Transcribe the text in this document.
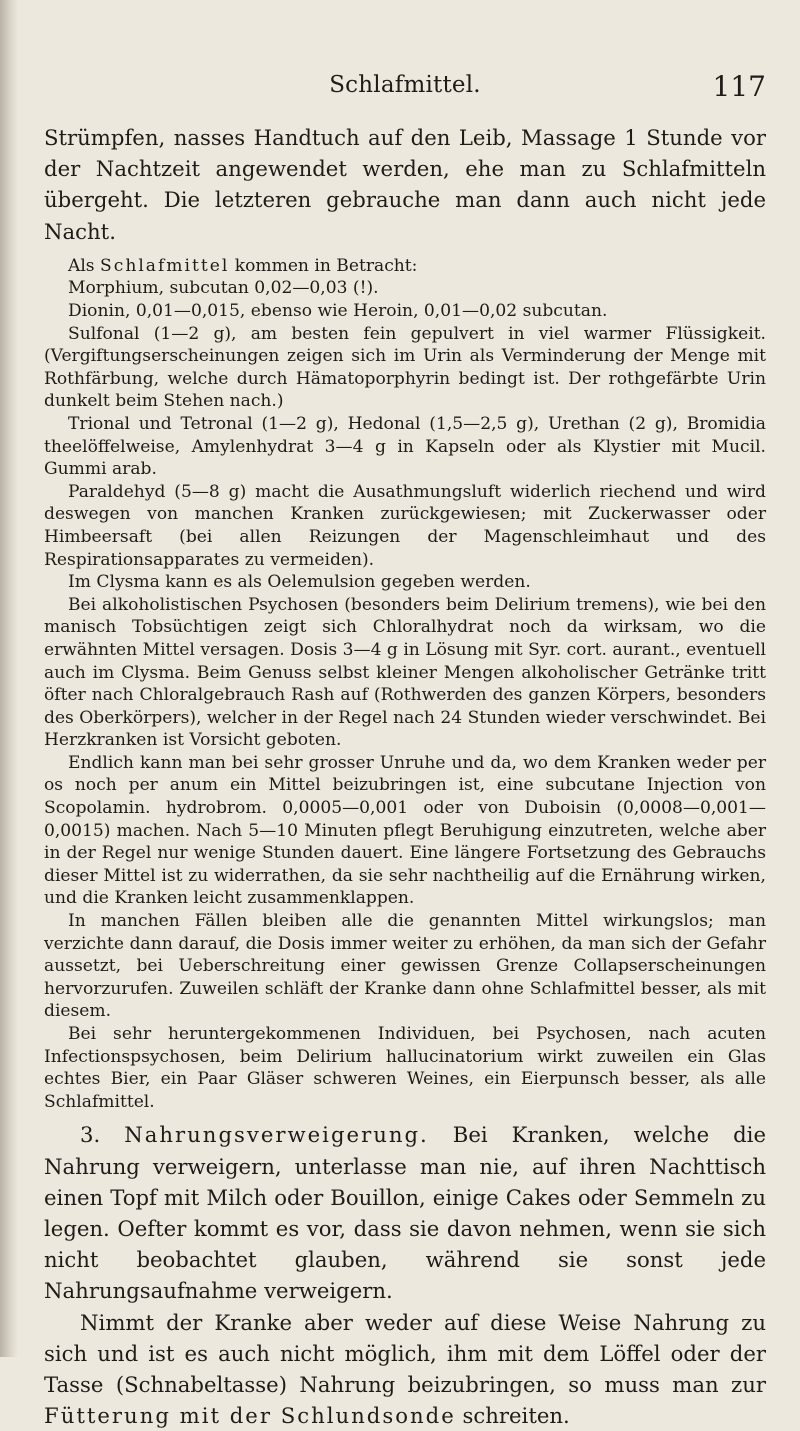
Schlafmittel.	117

Strümpfen, nasses Handtuch auf den Leib, Massage 1 Stunde vor der Nachtzeit angewendet werden, ehe man zu Schlafmitteln übergeht. Die letzteren gebrauche man dann auch nicht jede Nacht.

Als Schlafmittel kommen in Betracht:

Morphium, subcutan 0,02—0,03 (!).

Dionin, 0,01—0,015, ebenso wie Heroin, 0,01—0,02 subcutan.

Sulfonal (1—2 g), am besten fein gepulvert in viel warmer Flüssigkeit. (Vergiftungserscheinungen zeigen sich im Urin als Verminderung der Menge mit Rothfärbung, welche durch Hämatoporphyrin bedingt ist. Der rothgefärbte Urin dunkelt beim Stehen nach.)

Trional und Tetronal (1—2 g), Hedonal (1,5—2,5 g), Urethan (2 g), Bromidia theelöffelweise, Amylenhydrat 3—4 g in Kapseln oder als Klystier mit Mucil. Gummi arab.

Paraldehyd (5—8 g) macht die Ausathmungsluft widerlich riechend und wird deswegen von manchen Kranken zurückgewiesen; mit Zuckerwasser oder Himbeersaft (bei allen Reizungen der Magenschleimhaut und des Respirationsapparates zu vermeiden).

Im Clysma kann es als Oelemulsion gegeben werden.

Bei alkoholistischen Psychosen (besonders beim Delirium tremens), wie bei den manisch Tobsüchtigen zeigt sich Chloralhydrat noch da wirksam, wo die erwähnten Mittel versagen. Dosis 3—4 g in Lösung mit Syr. cort. aurant., eventuell auch im Clysma. Beim Genuss selbst kleiner Mengen alkoholischer Getränke tritt öfter nach Chloralgebrauch Rash auf (Rothwerden des ganzen Körpers, besonders des Oberkörpers), welcher in der Regel nach 24 Stunden wieder verschwindet. Bei Herzkranken ist Vorsicht geboten.

Endlich kann man bei sehr grosser Unruhe und da, wo dem Kranken weder per os noch per anum ein Mittel beizubringen ist, eine subcutane Injection von Scopolamin. hydrobrom. 0,0005—0,001 oder von Duboisin (0,0008—0,001—0,0015) machen. Nach 5—10 Minuten pflegt Beruhigung einzutreten, welche aber in der Regel nur wenige Stunden dauert. Eine längere Fortsetzung des Gebrauchs dieser Mittel ist zu widerrathen, da sie sehr nachtheilig auf die Ernährung wirken, und die Kranken leicht zusammenklappen.

In manchen Fällen bleiben alle die genannten Mittel wirkungslos; man verzichte dann darauf, die Dosis immer weiter zu erhöhen, da man sich der Gefahr aussetzt, bei Ueberschreitung einer gewissen Grenze Collapserscheinungen hervorzurufen. Zuweilen schläft der Kranke dann ohne Schlafmittel besser, als mit diesem.

Bei sehr heruntergekommenen Individuen, bei Psychosen, nach acuten Infectionspsychosen, beim Delirium hallucinatorium wirkt zuweilen ein Glas echtes Bier, ein Paar Gläser schweren Weines, ein Eierpunsch besser, als alle Schlafmittel.

3. Nahrungsverweigerung. Bei Kranken, welche die Nahrung verweigern, unterlasse man nie, auf ihren Nachttisch einen Topf mit Milch oder Bouillon, einige Cakes oder Semmeln zu legen. Oefter kommt es vor, dass sie davon nehmen, wenn sie sich nicht beobachtet glauben, während sie sonst jede Nahrungsaufnahme verweigern.

Nimmt der Kranke aber weder auf diese Weise Nahrung zu sich und ist es auch nicht möglich, ihm mit dem Löffel oder der Tasse (Schnabeltasse) Nahrung beizubringen, so muss man zur Fütterung mit der Schlundsonde schreiten.
